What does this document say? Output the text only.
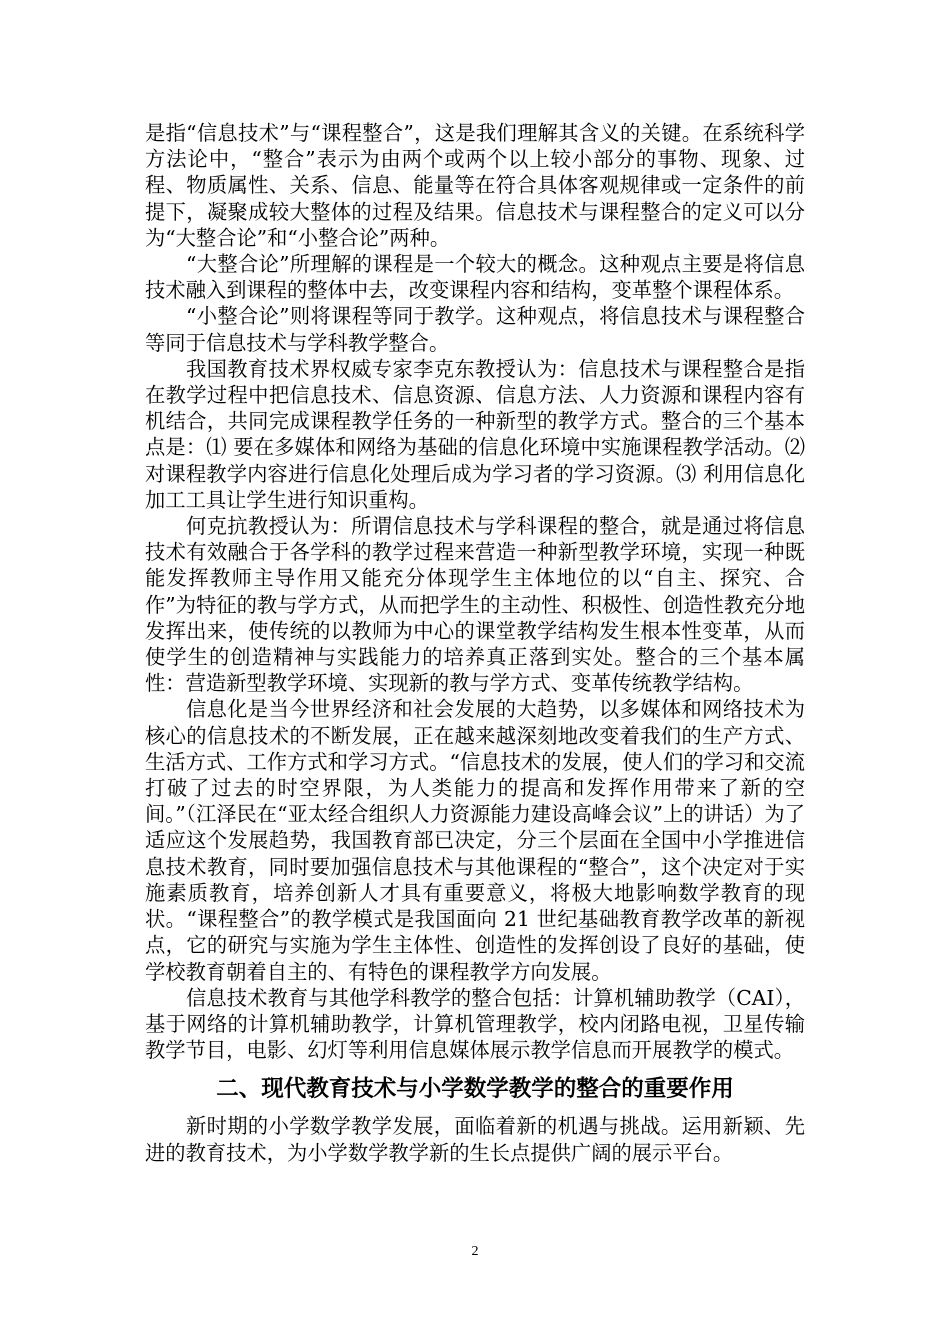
是指“信息技术”与“课程整合”，这是我们理解其含义的关键。在系统科学方法论中，“整合”表示为由两个或两个以上较小部分的事物、现象、过程、物质属性、关系、信息、能量等在符合具体客观规律或一定条件的前提下，凝聚成较大整体的过程及结果。信息技术与课程整合的定义可以分为“大整合论”和“小整合论”两种。

“大整合论”所理解的课程是一个较大的概念。这种观点主要是将信息技术融入到课程的整体中去，改变课程内容和结构，变革整个课程体系。

“小整合论”则将课程等同于教学。这种观点，将信息技术与课程整合等同于信息技术与学科教学整合。

我国教育技术界权威专家李克东教授认为：信息技术与课程整合是指在教学过程中把信息技术、信息资源、信息方法、人力资源和课程内容有机结合，共同完成课程教学任务的一种新型的教学方式。整合的三个基本点是：⑴ 要在多媒体和网络为基础的信息化环境中实施课程教学活动。⑵ 对课程教学内容进行信息化处理后成为学习者的学习资源。⑶ 利用信息化加工工具让学生进行知识重构。

何克抗教授认为：所谓信息技术与学科课程的整合，就是通过将信息技术有效融合于各学科的教学过程来营造一种新型教学环境，实现一种既能发挥教师主导作用又能充分体现学生主体地位的以“自主、探究、合作”为特征的教与学方式，从而把学生的主动性、积极性、创造性教充分地发挥出来，使传统的以教师为中心的课堂教学结构发生根本性变革，从而使学生的创造精神与实践能力的培养真正落到实处。整合的三个基本属性：营造新型教学环境、实现新的教与学方式、变革传统教学结构。

信息化是当今世界经济和社会发展的大趋势，以多媒体和网络技术为核心的信息技术的不断发展，正在越来越深刻地改变着我们的生产方式、生活方式、工作方式和学习方式。“信息技术的发展，使人们的学习和交流打破了过去的时空界限，为人类能力的提高和发挥作用带来了新的空间。”（江泽民在“亚太经合组织人力资源能力建设高峰会议”上的讲话）为了适应这个发展趋势，我国教育部已决定，分三个层面在全国中小学推进信息技术教育，同时要加强信息技术与其他课程的“整合”，这个决定对于实施素质教育，培养创新人才具有重要意义，将极大地影响数学教育的现状。“课程整合”的教学模式是我国面向 21 世纪基础教育教学改革的新视点，它的研究与实施为学生主体性、创造性的发挥创设了良好的基础，使学校教育朝着自主的、有特色的课程教学方向发展。

信息技术教育与其他学科教学的整合包括：计算机辅助教学（CAI），基于网络的计算机辅助教学，计算机管理教学，校内闭路电视，卫星传输教学节目，电影、幻灯等利用信息媒体展示教学信息而开展教学的模式。

二、现代教育技术与小学数学教学的整合的重要作用

新时期的小学数学教学发展，面临着新的机遇与挑战。运用新颖、先进的教育技术，为小学数学教学新的生长点提供广阔的展示平台。

2
